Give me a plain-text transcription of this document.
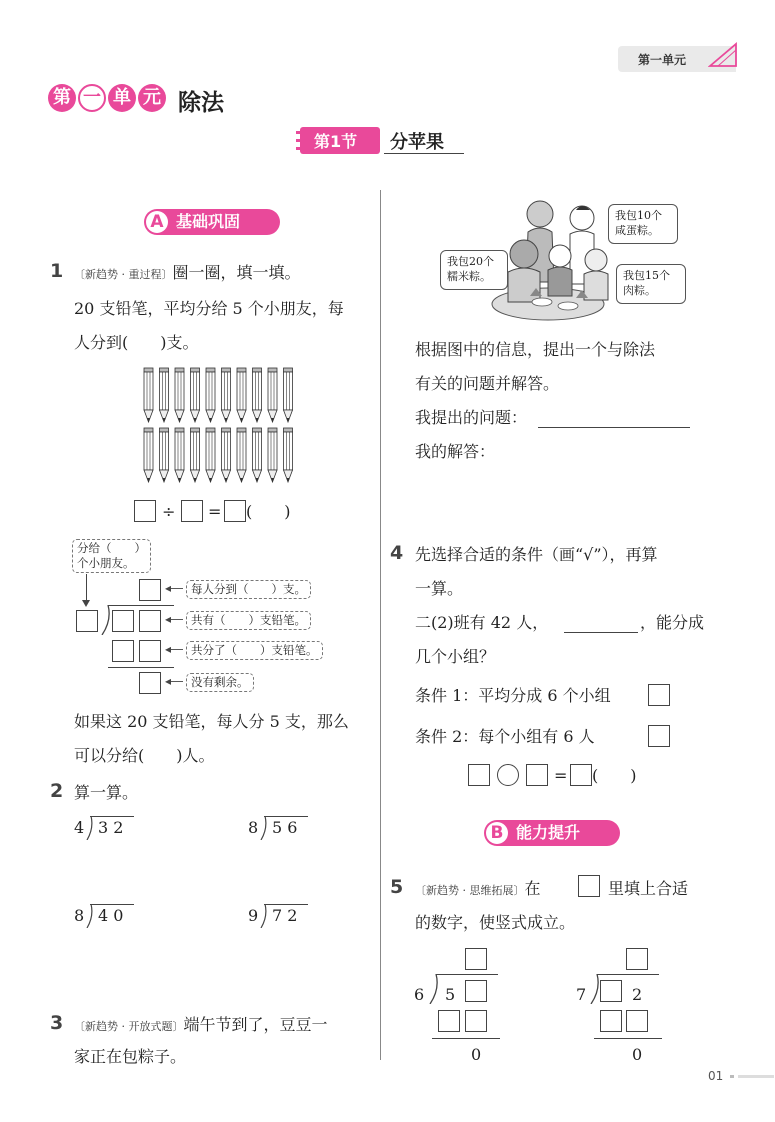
第一单元
第 一 单 元 除法
第1节 分苹果
A 基础巩固
1 〔新趋势 · 重过程〕圈一圈，填一填。
20 支铅笔，平均分给 5 个小朋友，每
人分到(　　)支。
÷ = (　　)
分给（　　）
个小朋友。
◂―
◂―
◂―
◂―
每人分到（　　）支。
共有（　　）支铅笔。
共分了（　　）支铅笔。
没有剩余。
如果这 20 支铅笔，每人分 5 支，那么
可以分给(　　)人。
2 算一算。
4 3 2	8 5 6
8 4 0	9 7 2
3 〔新趋势 · 开放式题〕端午节到了，豆豆一
家正在包粽子。
我包10个
咸蛋粽。
我包20个
糯米粽。	我包15个
肉粽。
根据图中的信息，提出一个与除法
有关的问题并解答。
我提出的问题：
我的解答：
4 先选择合适的条件（画“√”），再算
一算。
二(2)班有 42 人，	，能分成
几个小组？
条件 1：平均分成 6 个小组
条件 2：每个小组有 6 人
= (　　)
B 能力提升
5 〔新趋势 · 思维拓展〕在	里填上合适
的数字，使竖式成立。
6 5
0
7	2
0
01
